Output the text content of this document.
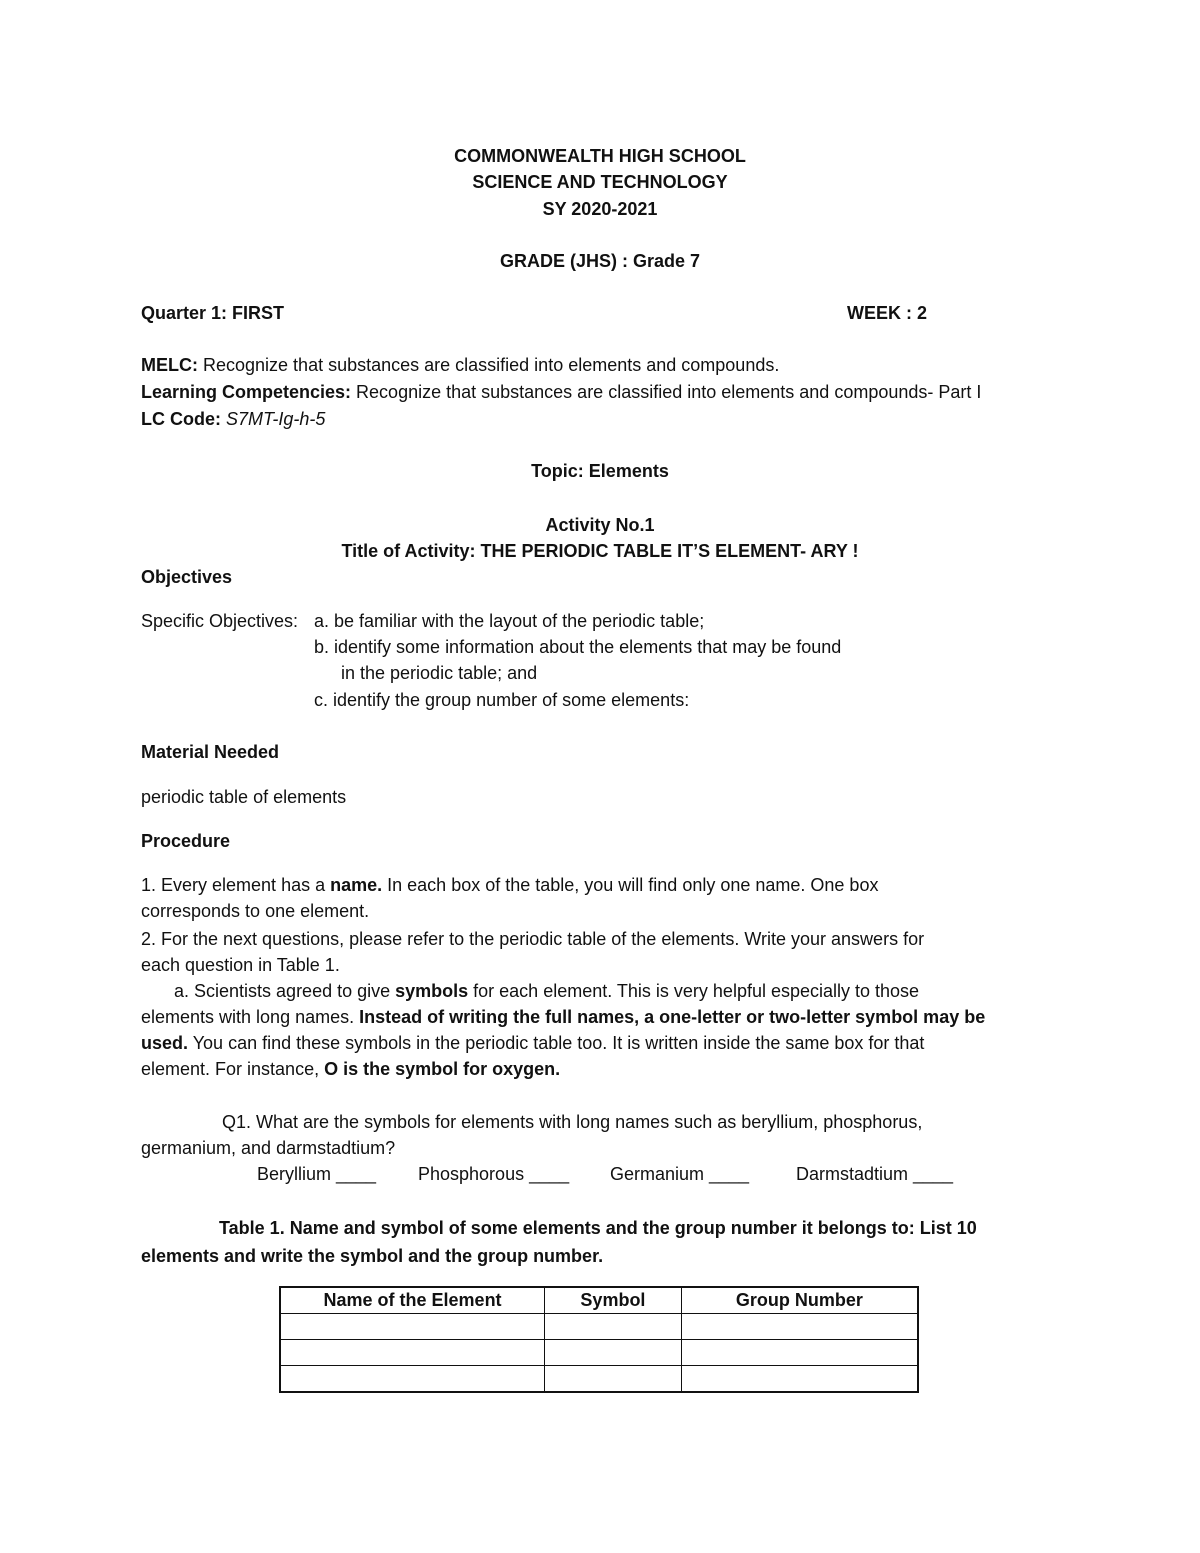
COMMONWEALTH HIGH SCHOOL
SCIENCE AND TECHNOLOGY
SY 2020-2021
GRADE (JHS) : Grade 7
Quarter 1: FIRST	WEEK : 2
MELC: Recognize that substances are classified into elements and compounds.
Learning Competencies: Recognize that substances are classified into elements and compounds- Part I
LC Code: S7MT-Ig-h-5
Topic: Elements
Activity No.1
Title of Activity: THE PERIODIC TABLE IT’S ELEMENT- ARY !
Objectives
Specific Objectives: a. be familiar with the layout of the periodic table;
b. identify some information about the elements that may be found
in the periodic table; and
c. identify the group number of some elements:
Material Needed
periodic table of elements
Procedure
1. Every element has a name. In each box of the table, you will find only one name. One box
corresponds to one element.
2. For the next questions, please refer to the periodic table of the elements. Write your answers for
each question in Table 1.
a. Scientists agreed to give symbols for each element. This is very helpful especially to those
elements with long names. Instead of writing the full names, a one-letter or two-letter symbol may be
used. You can find these symbols in the periodic table too. It is written inside the same box for that
element. For instance, O is the symbol for oxygen.
Q1. What are the symbols for elements with long names such as beryllium, phosphorus,
germanium, and darmstadtium?
Beryllium ____ Phosphorous ____ Germanium ____	Darmstadtium ____
Table 1. Name and symbol of some elements and the group number it belongs to: List 10
elements and write the symbol and the group number.
Name of the Element	Symbol	Group Number
